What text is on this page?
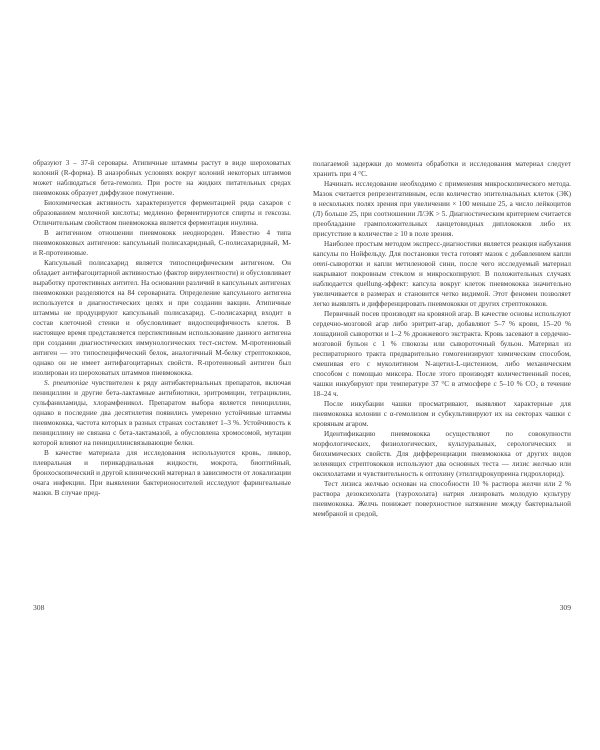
образуют 3 – 37-й серовары. Атипичные штаммы растут в виде шероховатых колоний (R-форма). В анаэробных условиях вокруг колоний некоторых штаммов может наблюдаться бета-гемолиз. При росте на жидких питательных средах пневмококк образует диффузное помутнение.

Биохимическая активность характеризуется ферментацией ряда сахаров с образованием молочной кислоты; медленно ферментируются спирты и гексозы. Отличительным свойством пневмококка является ферментация инулина.

В антигенном отношении пневмококк неоднороден. Известно 4 типа пневмококковых антигенов: капсульный полисахаридный, C-полисахаридный, M- и R-протеиновые.

Капсульный полисахарид является типоспецифическим антигеном. Он обладает антифагоцитарной активностью (фактор вирулентности) и обусловливает выработку протективных антител. На основании различий в капсульных антигенах пневмококки разделяются на 84 серовариата. Определение капсульного антигена используется в диагностических целях и при создании вакцин. Атипичные штаммы не продуцируют капсульный полисахарид. C-полисахарид входит в состав клеточной стенки и обусловливает видоспецифичность клеток. В настоящее время представляется перспективным использование данного антигена при создании диагностических иммунологических тест-систем. M-протеиновый антиген — это типоспецифический белок, аналогичный M-белку стрептококков, однако он не имеет антифагоцитарных свойств. R-протеиновый антиген был изолирован из шероховатых штаммов пневмококка.

S. pneumoniae чувствителен к ряду антибактериальных препаратов, включая пенициллин и другие бета-лактамные антибиотики, эритромицин, тетрациклин, сульфаниламиды, хлорамфеникол. Препаратом выбора является пенициллин, однако в последние два десятилетия появились умеренно устойчивые штаммы пневмококка, частота которых в разных странах составляет 1–3 %. Устойчивость к пенициллину не связана с бета-лактамазой, а обусловлена хромосомой, мутации которой влияют на пенициллинсвязывающие белки.

В качестве материала для исследования используются кровь, ликвор, плевральная и перикардиальная жидкости, мокрота, биоптийный, бронхоскопический и другой клинический материал в зависимости от локализации очага инфекции. При выявлении бактерионосителей исследуют фарингеальные мазки. В случае пред-

308

полагаемой задержки до момента обработки и исследования материал следует хранить при 4 °С.

Начинать исследование необходимо с применения микроскопического метода. Мазок считается репрезентативным, если количество эпителиальных клеток (ЭК) в нескольких полях зрения при увеличении × 100 меньше 25, а число лейкоцитов (Л) больше 25, при соотношении Л/ЭК > 5. Диагностическим критерием считается преобладание грамположительных ланцетовидных диплококков либо их присутствие в количестве ≥ 10 в поле зрения.

Наиболее простым методом экспресс-диагностики является реакция набухания капсулы по Нойфельду. Для постановки теста готовят мазок с добавлением капли omni-сыворотки и капли метиленовой сини, после чего исследуемый материал накрывают покровным стеклом и микроскопируют. В положительных случаях наблюдается quellung-эффект: капсула вокруг клеток пневмококка значительно увеличивается в размерах и становится четко видимой. Этот феномен позволяет легко выявлять и дифференцировать пневмококки от других стрептококков.

Первичный посев производят на кровяной агар. В качестве основы используют сердечно-мозговой агар либо эритрит-агар, добавляют 5–7 % крови, 15–20 % лошадиной сыворотки и 1–2 % дрожжевого экстракта. Кровь засевают в сердечно-мозговой бульон с 1 % глюкозы или сывороточный бульон. Материал из респираторного тракта предварительно гомогенизируют химическим способом, смешивая его с муколитином N-ацетил-L-цистеином, либо механическим способом с помощью миксера. После этого производят количественный посев, чашки инкубируют при температуре 37 °С в атмосфере с 5–10 % CO₂ в течение 18–24 ч.

После инкубации чашки просматривают, выявляют характерные для пневмококка колонии с α-гемолизом и субкультивируют их на секторах чашки с кровяным агаром.

Идентификацию пневмококка осуществляют по совокупности морфологических, физиологических, культуральных, серологических и биохимических свойств. Для дифференциации пневмококка от других видов зеленящих стрептококков используют два основных теста — лизис желчью или оксихолатами и чувствительность к оптохину (этилгидрокупреина гидрохлорид).

Тест лизиса желчью основан на способности 10 % раствора желчи или 2 % раствора дезоксихолата (таурохолата) натрия лизировать молодую культуру пневмококка. Желчь понижает поверхностное натяжение между бактериальной мембраной и средой,

309
